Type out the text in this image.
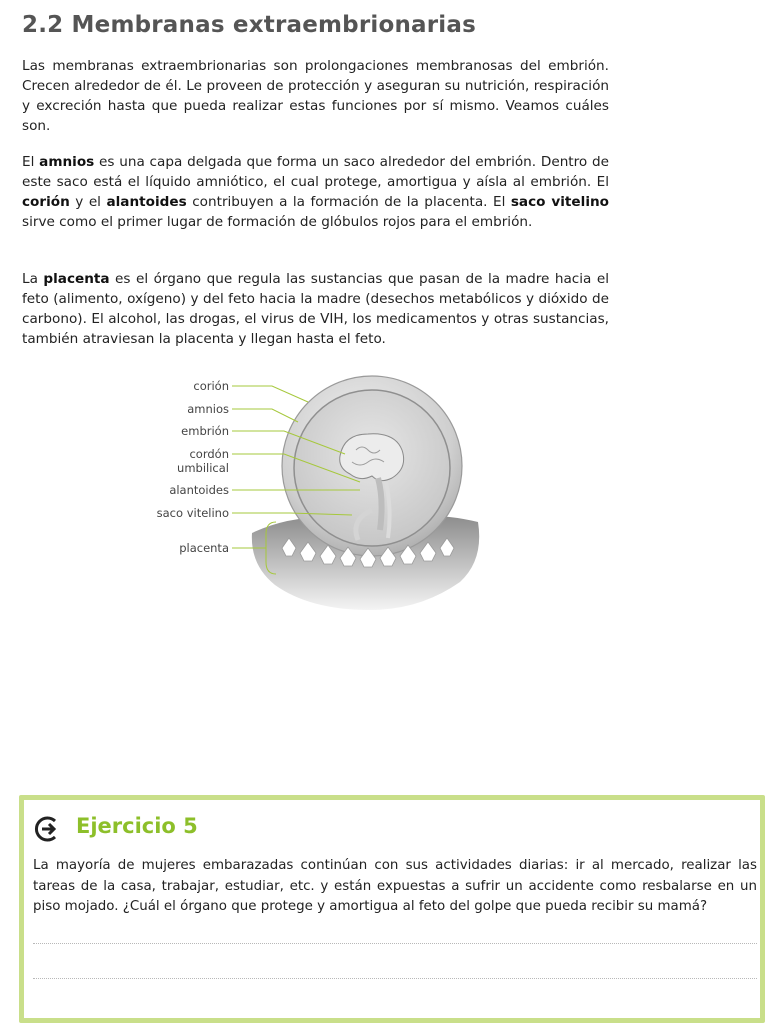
2.2 Membranas extraembrionarias

Las membranas extraembrionarias son prolongaciones membranosas del embrión. Crecen alrededor de él. Le proveen de protección y aseguran su nutrición, respiración y excreción hasta que pueda realizar estas funciones por sí mismo. Veamos cuáles son.

El amnios es una capa delgada que forma un saco alrededor del embrión. Dentro de este saco está el líquido amniótico, el cual protege, amortigua y aísla al embrión. El corión y el alantoides contribuyen a la formación de la placenta. El saco vitelino sirve como el primer lugar de formación de glóbulos rojos para el embrión.

La placenta es el órgano que regula las sustancias que pasan de la madre hacia el feto (alimento, oxígeno) y del feto hacia la madre (desechos metabólicos y dióxido de carbono). El alcohol, las drogas, el virus de VIH, los medicamentos y otras sustancias, también atraviesan la placenta y llegan hasta el feto.

corión
amnios
embrión
cordón
umbilical
alantoides
saco vitelino
placenta
Ejercicio 5

La mayoría de mujeres embarazadas continúan con sus actividades diarias: ir al mercado, realizar las tareas de la casa, trabajar, estudiar, etc. y están expuestas a sufrir un accidente como resbalarse en un piso mojado. ¿Cuál el órgano que protege y amortigua al feto del golpe que pueda recibir su mamá?
